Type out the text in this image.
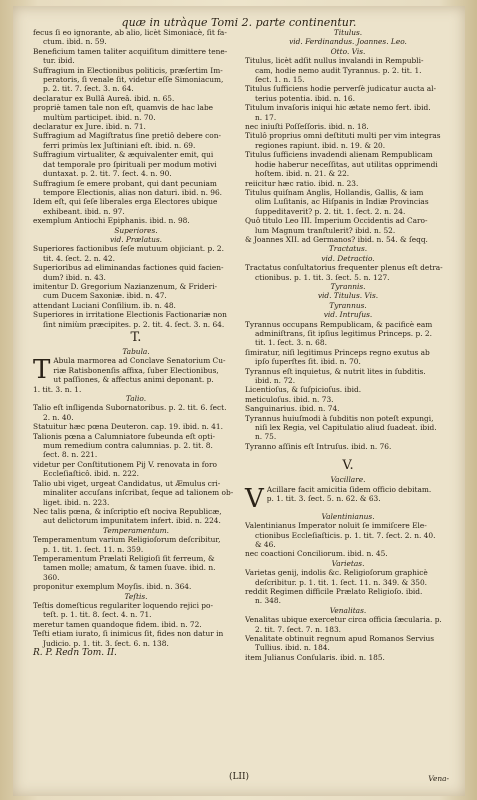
quæ in utràque Tomi 2. parte continentur.
fecus ſi eo ignorante, ab alio, licèt Simoniacè, ſit fa-
ctum. ibid. n. 59.
Beneficium tamen taliter acquiſitum dimittere tene-
tur. ibid.
Suffragium in Electionibus politicis, præſertim Im-
peratoris, ſi venale ſit, videtur eſſe Simoniacum,
p. 2. tit. 7. ſect. 3. n. 64.
declaratur ex Bullâ Aureâ. ibid. n. 65.
propriè tamen tale non eſt, quamvis de hac labe
multùm participet. ibid. n. 70.
declaratur ex Jure. ibid. n. 71.
Suffragium ad Magiſtratus ſine pretiô debere con-
ferri primùs lex Juſtiniani eſt. ibid. n. 69.
Suffragium virtualiter, & æquivalenter emit, qui
dat temporale pro ſpirituali per modum motivi
duntaxat. p. 2. tit. 7. ſect. 4. n. 90.
Suffragium ſe emere probant, qui dant pecuniam
tempore Electionis, alias non daturi. ibid. n. 96.
Idem eſt, qui ſeſe liberales erga Electores ubique
exhibeant. ibid. n. 97.
exemplum Antiochi Epiphanis. ibid. n. 98.
Superiores.
vid. Prælatus.
Superiores factionibus ſeſe mutuum objiciant. p. 2.
tit. 4. ſect. 2. n. 42.
Superioribus ad eliminandas factiones quid facien-
dum? ibid. n. 43.
imitentur D. Gregorium Nazianzenum, & Frideri-
cum Ducem Saxoniæ. ibid. n. 47.
attendant Luciani Conſilium. ib. n. 48.
Superiores in irritatione Electionis Factionariæ non
ſint nimiùm præcipites. p. 2. tit. 4. ſect. 3. n. 64.
T.
Tabula.
T Abula marmorea ad Conclave Senatorium Cu-
riæ Ratisbonenſis affixa, ſuber Electionibus,
ut paſſiones, & affectus animi deponant. p.
1. tit. 3. n. 1.
Talio.
Talio eſt inſligenda Subornatoribus. p. 2. tit. 6. ſect.
2. n. 40.
Statuitur hæc pœna Deuteron. cap. 19. ibid. n. 41.
Talionis pœna a Calumniatore ſubeunda eſt opti-
mum remedium contra calumnias. p. 2. tit. 8.
ſect. 8. n. 221.
videtur per Conſtitutionem Pij V. renovata in foro
Eccleſiaſticô. ibid. n. 222.
Talio ubi viget, urgeat Candidatus, ut Æmulus cri-
minaliter accuſans inſcribat, ſeque ad talionem ob-
liget. ibid. n. 223.
Nec talis pœna, & inſcriptio eſt nociva Republicæ,
aut delictorum impunitatem infert. ibid. n. 224.
Temperamentum.
Temperamentum varium Religioſorum deſcribitur,
p. 1. tit. 1. ſect. 11. n. 359.
Temperamentum Prælati Religioſi ſit ferreum, &
tamen molle; amatum, & tamen ſuave. ibid. n.
360.
proponitur exemplum Moyſis. ibid. n. 364.
Teſtis.
Teſtis domeſticus regulariter loquendo rejici po-
teſt. p. 1. tit. 8. ſect. 4. n. 71.
meretur tamen quandoque fidem. ibid. n. 72.
Teſti etiam iurato, ſi inimicus ſit, fides non datur in
Judicio. p. 1. tit. 3. ſect. 6. n. 138.
R. P. Redn Tom. II.
Titulus.
vid. Ferdinandus. Joannes. Leo.
Otto. Vis.
Titulus, licèt adſit nullus invalandi in Rempubli-
cam, hodie nemo audit Tyrannus. p. 2. tit. 1.
ſect. 1. n. 15.
Titulus ſufficiens hodie perverſè judicatur aucta al-
terius potentia. ibid. n. 16.
Titulum invaſoris iniqui hic ætate nemo fert. ibid.
n. 17.
nec iniuſti Poſſeſſoris. ibid. n. 18.
Titulô proprius omni deſtituti multi per vim integras
regiones rapiunt. ibid. n. 19. & 20.
Titulus ſufficiens invadendi alienam Rempublicam
hodie haberur neceſſitas, aut utilitas opprimendi
hoſtem. ibid. n. 21. & 22.
reiicitur hæc ratio. ibid. n. 23.
Titulus quiſnam Anglis, Hollandis, Gallis, & iam
olim Luſitanis, ac Hiſpanis in Indiæ Provincias
ſuppeditaverit? p. 2. tit. 1. ſect. 2. n. 24.
Quô titulo Leo III. Imperium Occidentis ad Caro-
lum Magnum tranſtulerit? ibid. n. 52.
& Joannes XII. ad Germanos? ibid. n. 54. & ſeqq.
Tractatus.
vid. Detractio.
Tractatus conſultatorius frequenter plenus eſt detra-
ctionibus. p. 1. tit. 3. ſect. 5. n. 127.
Tyrannis.
vid. Titulus. Vis.
Tyrannus.
vid. Intruſus.
Tyrannus occupans Rempublicam, & pacificè eam
adminiſtrans, ſit ipſius legitimus Princeps. p. 2.
tit. 1. ſect. 3. n. 68.
ſimiratur, niſi legitimus Princeps regno exutus ab
ipſo ſuperſtes ſit. ibid. n. 70.
Tyrannus eſt inquietus, & nutrit lites in ſubditis.
ibid. n. 72.
Licentioſus, & ſuſpicioſus. ibid.
meticuloſus. ibid. n. 73.
Sanguinarius. ibid. n. 74.
Tyrannus huiuſmodi à ſubditis non poteſt expungi,
niſi lex Regia, vel Capitulatio aliud ſuadeat. ibid.
n. 75.
Tyranno aſſinis eſt Intruſus. ibid. n. 76.
V.
Vacillare.
V Acillare facit amicitia ſidem officio debitam.
p. 1. tit. 3. ſect. 5. n. 62. & 63.
Valentinianus.
Valentinianus Imperator noluit ſe immiſcere Ele-
ctionibus Eccleſiaſticis. p. 1. tit. 7. ſect. 2. n. 40.
& 46.
nec coactioni Conciliorum. ibid. n. 45.
Varietas.
Varietas genij, indolis &c. Religioſorum graphicè
deſcribitur. p. 1. tit. 1. ſect. 11. n. 349. & 350.
reddit Regimen difficile Prælato Religioſo. ibid.
n. 348.
Venalitas.
Venalitas ubique exercetur circa officia ſæcularia. p.
2. tit. 7. ſect. 7. n. 183.
Venalitate obtinuit regnum apud Romanos Servius
Tullius. ibid. n. 184.
item Julianus Conſularis. ibid. n. 185.
(LII)	Vena-
